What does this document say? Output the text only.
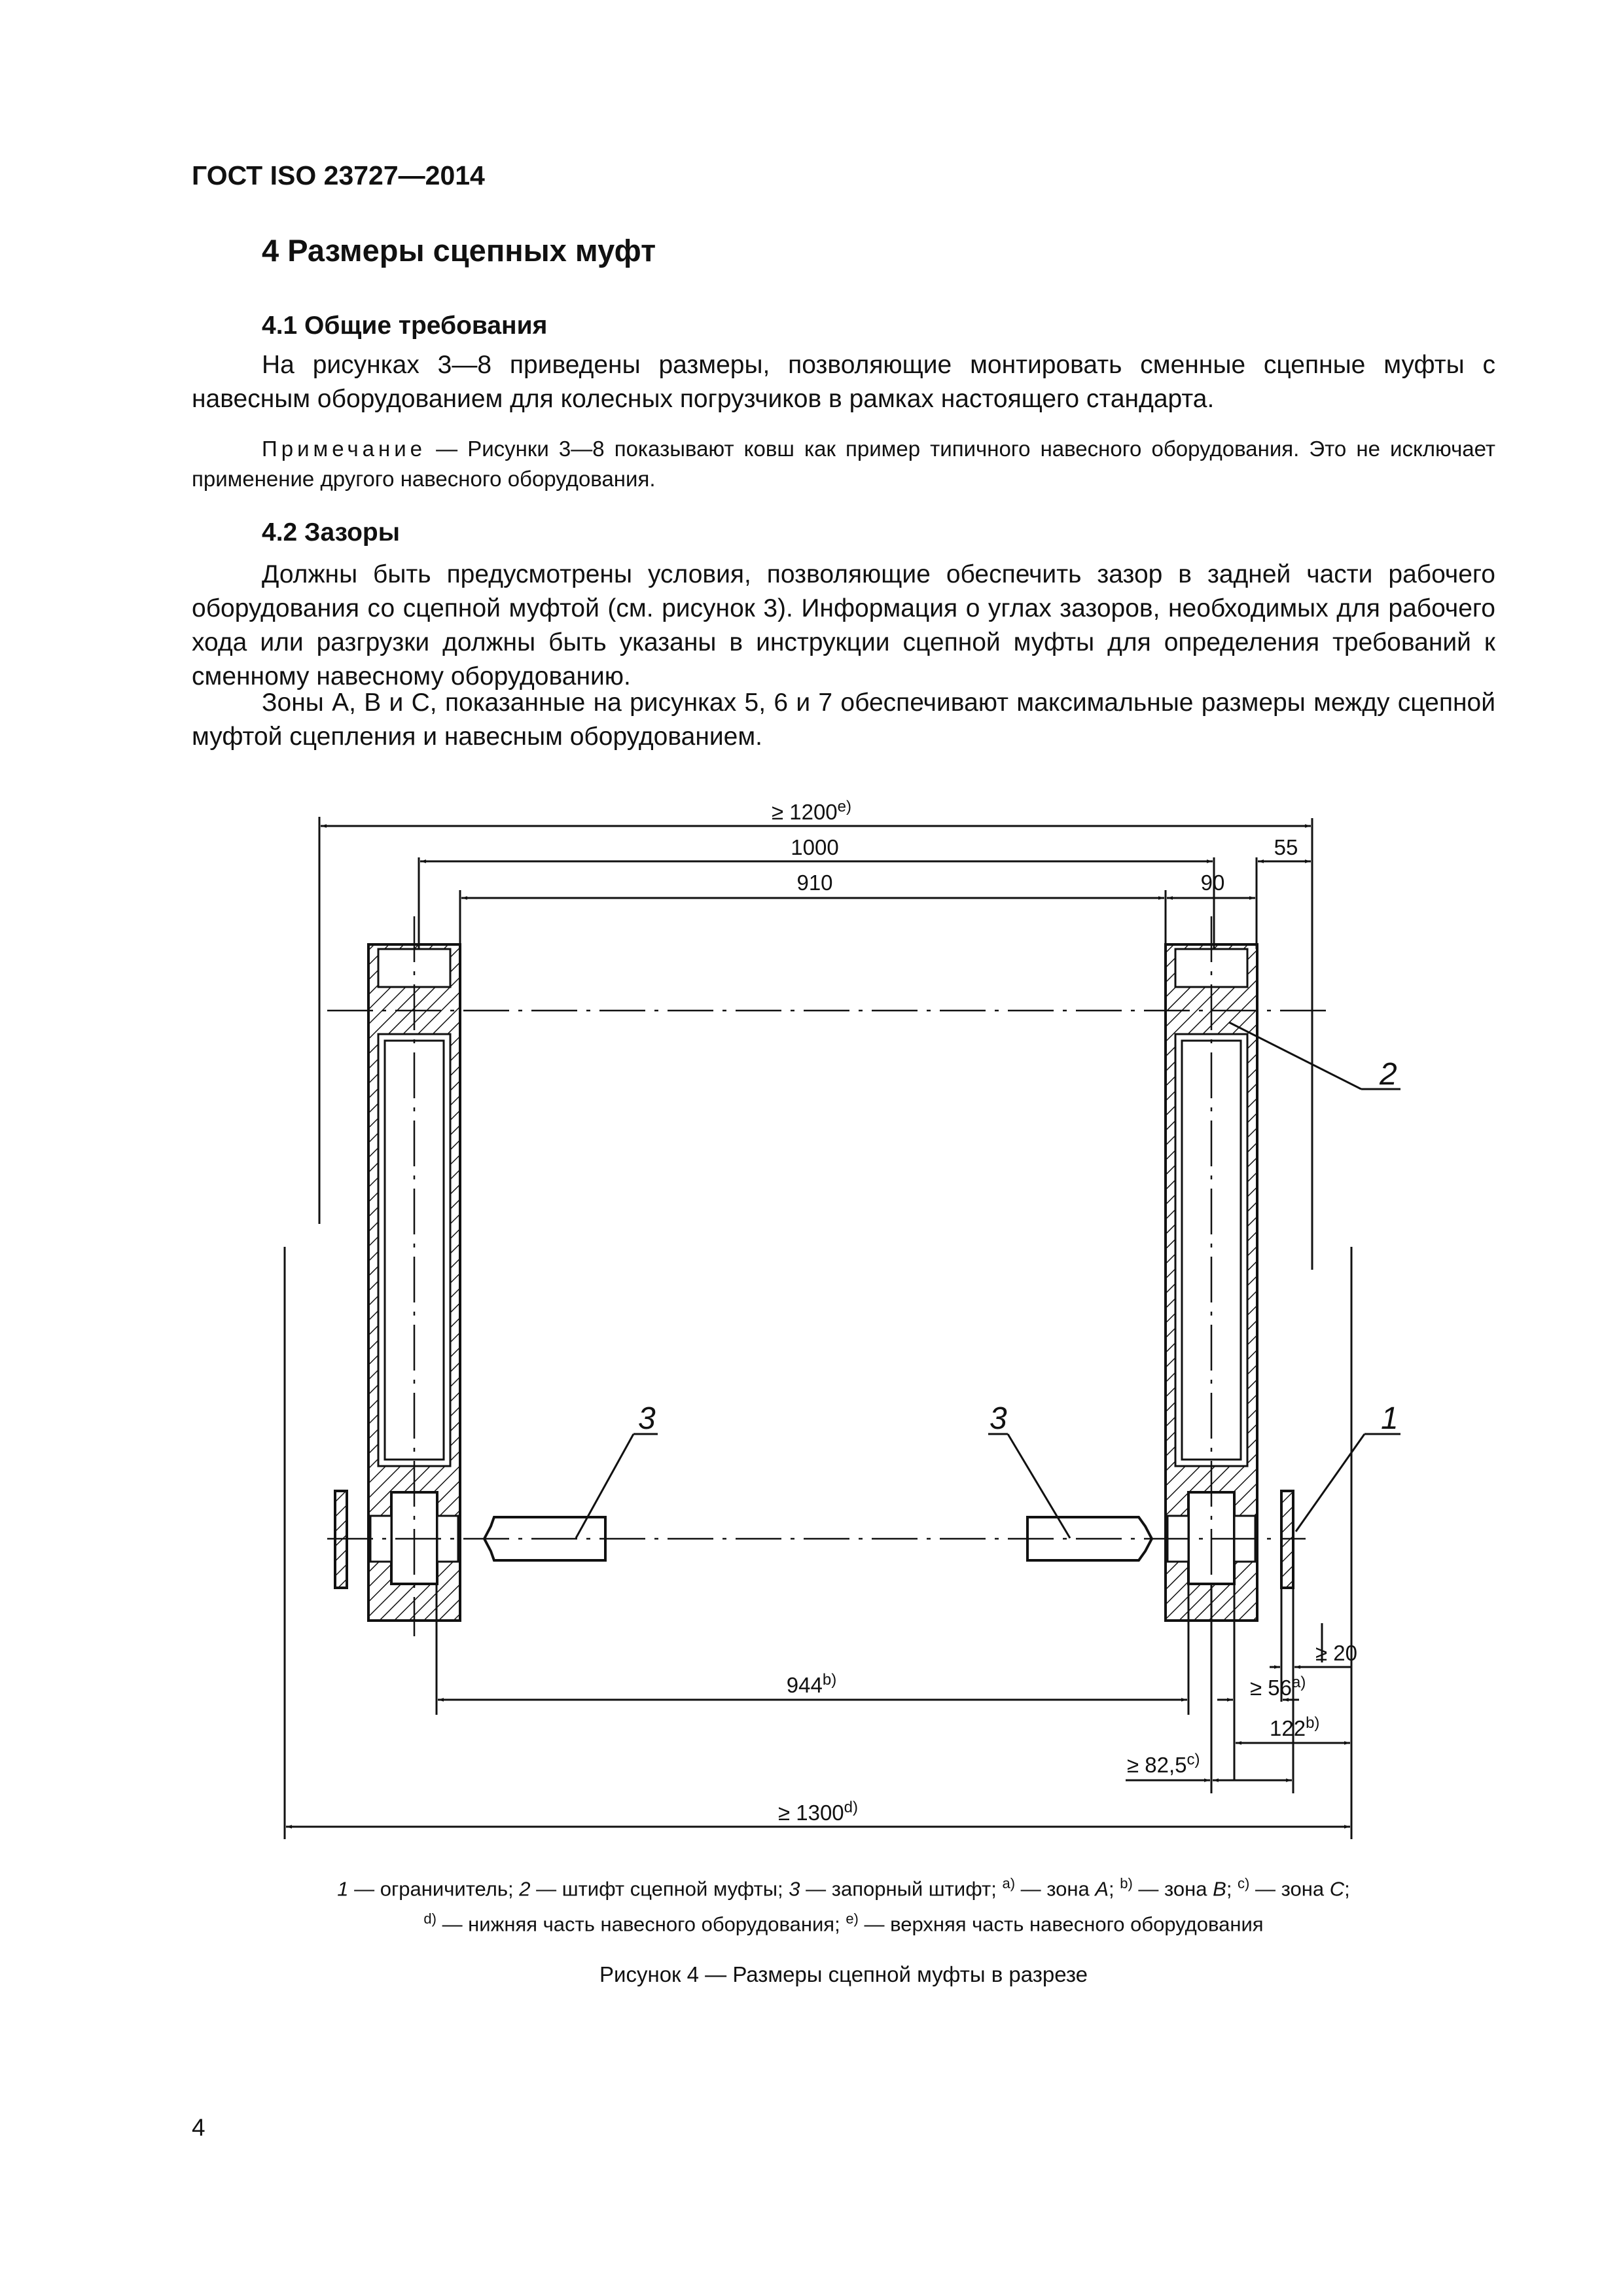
ГОСТ ISO 23727—2014
4 Размеры сцепных муфт
4.1 Общие требования

На рисунках 3—8 приведены размеры, позволяющие монтировать сменные сцепные муфты с навесным оборудованием для колесных погрузчиков в рамках настоящего стандарта.

Примечание — Рисунки 3—8 показывают ковш как пример типичного навесного оборудования. Это не исключает применение другого навесного оборудования.

4.2 Зазоры

Должны быть предусмотрены условия, позволяющие обеспечить зазор в задней части рабочего оборудования со сцепной муфтой (см. рисунок 3). Информация о углах зазоров, необходимых для рабочего хода или разгрузки должны быть указаны в инструкции сцепной муфты для определения требований к сменному навесному оборудованию.

Зоны А, В и С, показанные на рисунках 5, 6 и 7 обеспечивают максимальные размеры между сцепной муфтой сцепления и навесным оборудованием.

≥ $1200^{e)}$
1000
910	90
55
$944^{b)}$
≥ 20
≥ $56^{a)}$
$122^{b)}$
≥ $82,5^{c)}$
≥ $1300^{d)}$
2
3	3	1

1 — ограничитель; 2 — штифт сцепной муфты; 3 — запорный штифт; $^{а)}$ — зона А; $^{b)}$ — зона В; $^{c)}$ — зона С;
$^{d)}$ — нижняя часть навесного оборудования; $^{e)}$ — верхняя часть навесного оборудования

Рисунок 4 — Размеры сцепной муфты в разрезе
4
